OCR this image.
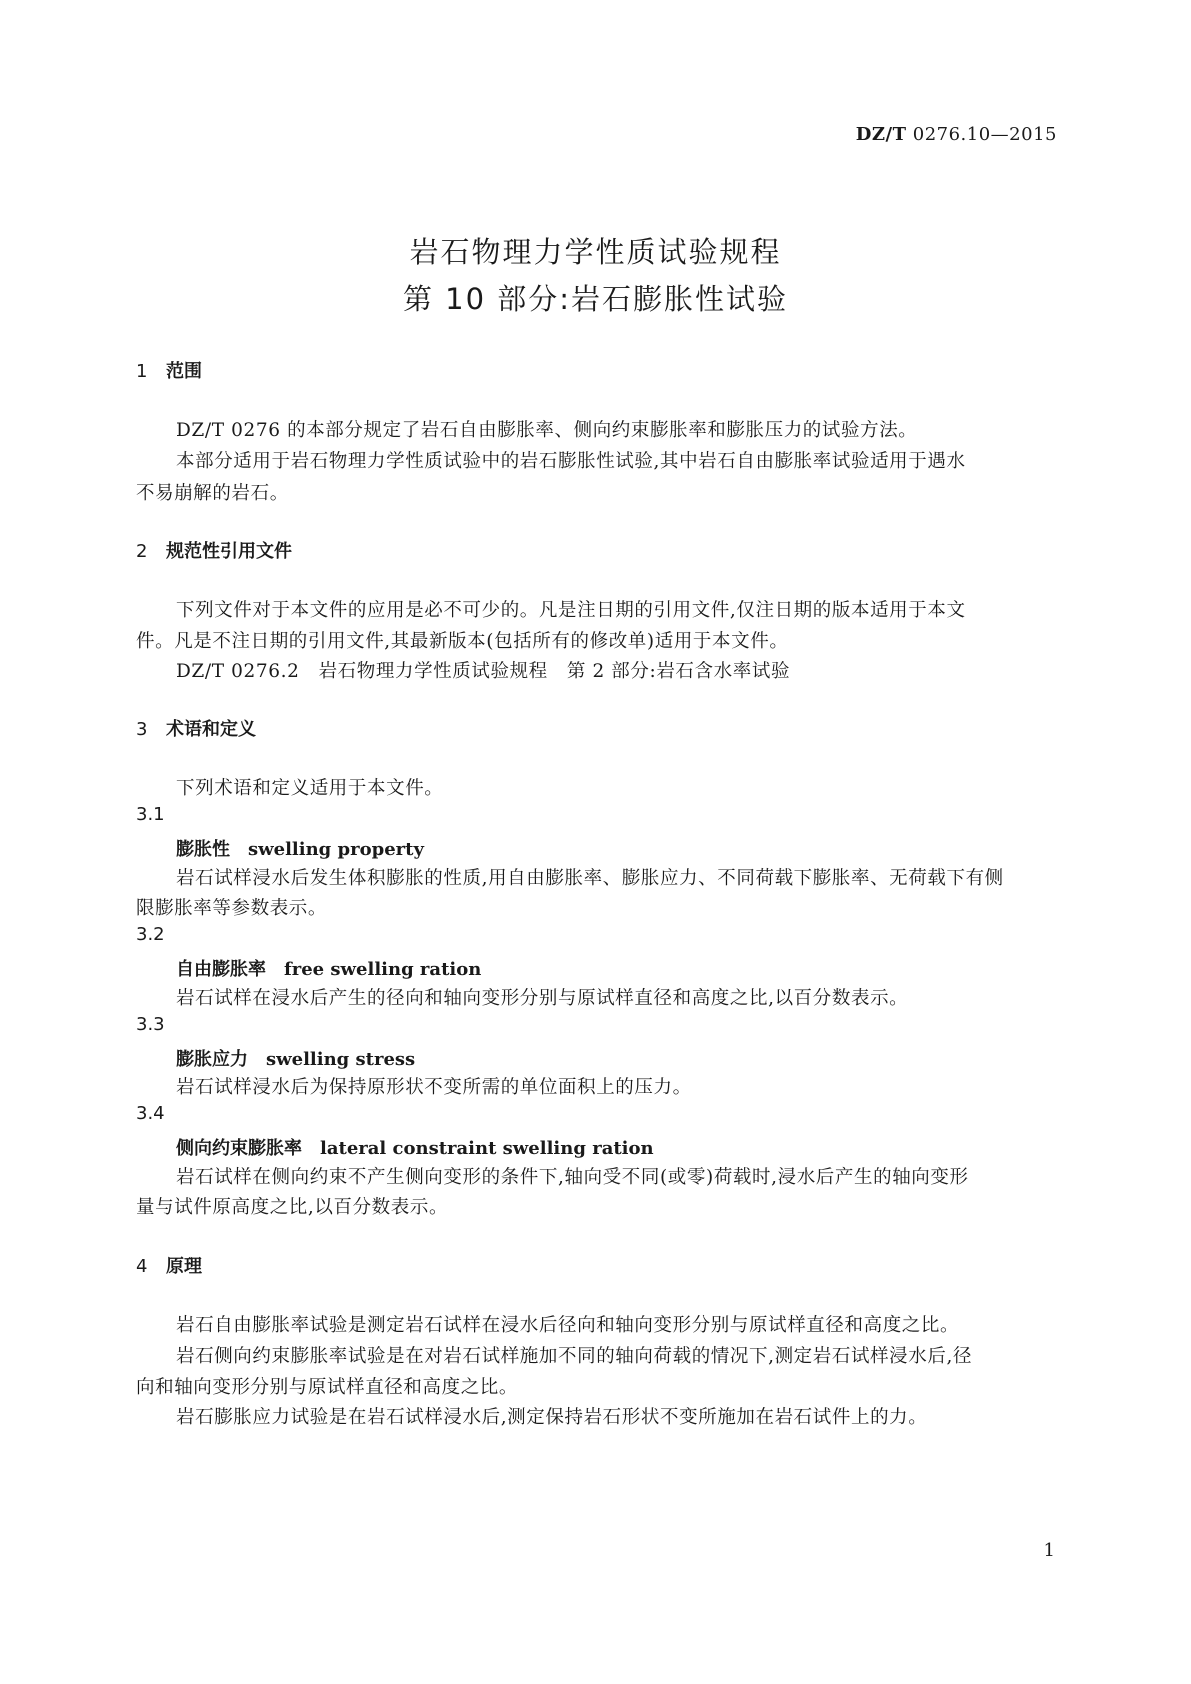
DZ/T 0276.10—2015
岩石物理力学性质试验规程
第 10 部分:岩石膨胀性试验
1 范围
DZ/T 0276 的本部分规定了岩石自由膨胀率、侧向约束膨胀率和膨胀压力的试验方法。
本部分适用于岩石物理力学性质试验中的岩石膨胀性试验,其中岩石自由膨胀率试验适用于遇水
不易崩解的岩石。
2 规范性引用文件
下列文件对于本文件的应用是必不可少的。凡是注日期的引用文件,仅注日期的版本适用于本文
件。凡是不注日期的引用文件,其最新版本(包括所有的修改单)适用于本文件。
DZ/T 0276.2　岩石物理力学性质试验规程　第 2 部分:岩石含水率试验
3 术语和定义
下列术语和定义适用于本文件。
3.1
膨胀性 swelling property
岩石试样浸水后发生体积膨胀的性质,用自由膨胀率、膨胀应力、不同荷载下膨胀率、无荷载下有侧
限膨胀率等参数表示。
3.2
自由膨胀率 free swelling ration
岩石试样在浸水后产生的径向和轴向变形分别与原试样直径和高度之比,以百分数表示。
3.3
膨胀应力 swelling stress
岩石试样浸水后为保持原形状不变所需的单位面积上的压力。
3.4
侧向约束膨胀率 lateral constraint swelling ration
岩石试样在侧向约束不产生侧向变形的条件下,轴向受不同(或零)荷载时,浸水后产生的轴向变形
量与试件原高度之比,以百分数表示。
4 原理
岩石自由膨胀率试验是测定岩石试样在浸水后径向和轴向变形分别与原试样直径和高度之比。
岩石侧向约束膨胀率试验是在对岩石试样施加不同的轴向荷载的情况下,测定岩石试样浸水后,径
向和轴向变形分别与原试样直径和高度之比。
岩石膨胀应力试验是在岩石试样浸水后,测定保持岩石形状不变所施加在岩石试件上的力。
1
